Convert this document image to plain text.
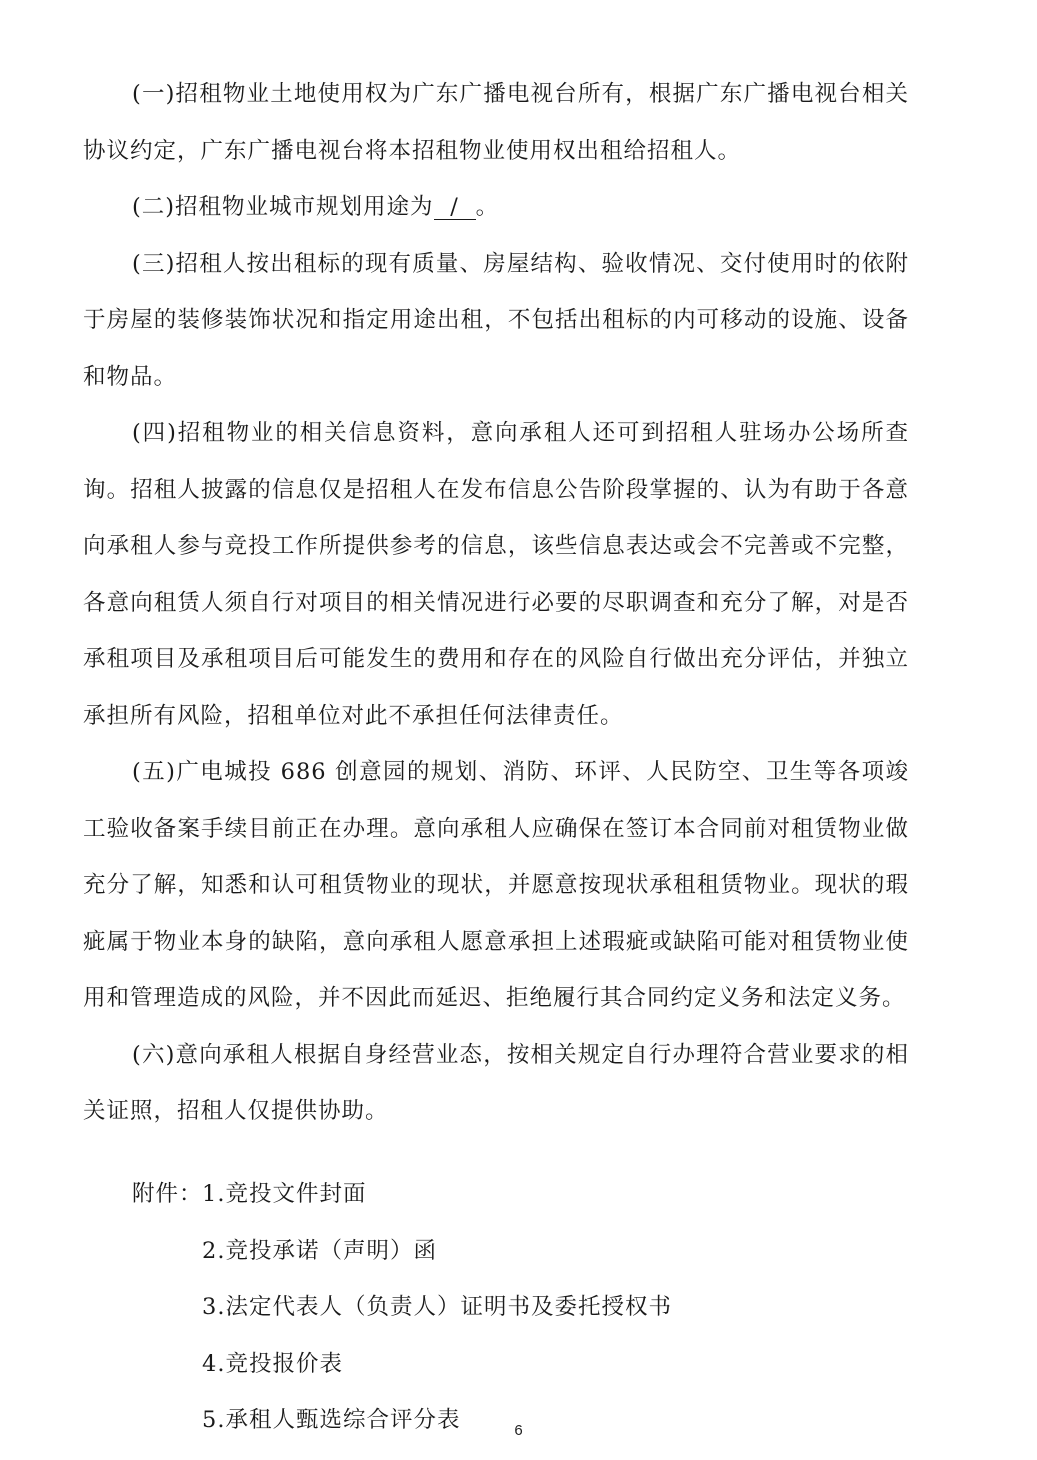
(一)招租物业土地使用权为广东广播电视台所有，根据广东广播电视台相关协议约定，广东广播电视台将本招租物业使用权出租给招租人。

(二)招租物业城市规划用途为 / 。

(三)招租人按出租标的现有质量、房屋结构、验收情况、交付使用时的依附于房屋的装修装饰状况和指定用途出租，不包括出租标的内可移动的设施、设备和物品。

(四)招租物业的相关信息资料，意向承租人还可到招租人驻场办公场所查询。招租人披露的信息仅是招租人在发布信息公告阶段掌握的、认为有助于各意向承租人参与竞投工作所提供参考的信息，该些信息表达或会不完善或不完整，各意向租赁人须自行对项目的相关情况进行必要的尽职调查和充分了解，对是否承租项目及承租项目后可能发生的费用和存在的风险自行做出充分评估，并独立承担所有风险，招租单位对此不承担任何法律责任。

(五)广电城投 686 创意园的规划、消防、环评、人民防空、卫生等各项竣工验收备案手续目前正在办理。意向承租人应确保在签订本合同前对租赁物业做充分了解，知悉和认可租赁物业的现状，并愿意按现状承租租赁物业。现状的瑕疵属于物业本身的缺陷，意向承租人愿意承担上述瑕疵或缺陷可能对租赁物业使用和管理造成的风险，并不因此而延迟、拒绝履行其合同约定义务和法定义务。

(六)意向承租人根据自身经营业态，按相关规定自行办理符合营业要求的相关证照，招租人仅提供协助。

附件：1.竞投文件封面
2.竞投承诺（声明）函
3.法定代表人（负责人）证明书及委托授权书
4.竞投报价表
5.承租人甄选综合评分表	6
